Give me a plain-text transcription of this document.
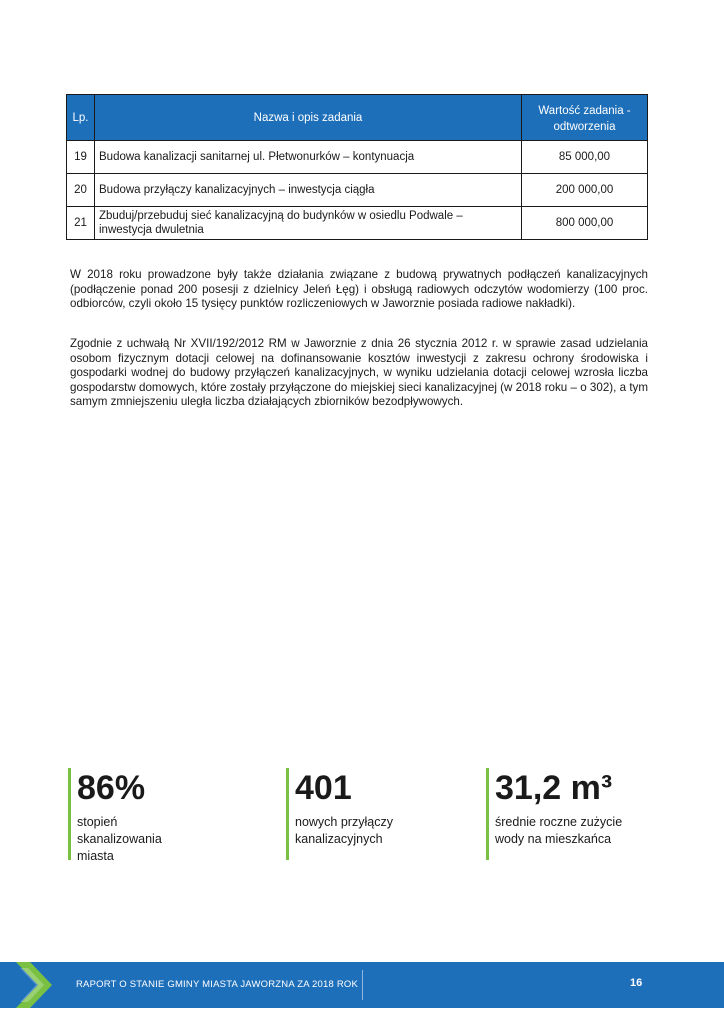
Lp.	Nazwa i opis zadania	Wartość zadania -
odtworzenia
19	Budowa kanalizacji sanitarnej ul. Płetwonurków – kontynuacja	85 000,00
20	Budowa przyłączy kanalizacyjnych – inwestycja ciągła	200 000,00
21	Zbuduj/przebuduj sieć kanalizacyjną do budynków w osiedlu Podwale – inwestycja dwuletnia	800 000,00

W 2018 roku prowadzone były także działania związane z budową prywatnych podłączeń kanalizacyjnych (podłączenie ponad 200 posesji z dzielnicy Jeleń Łęg) i obsługą radiowych odczytów wodomierzy (100 proc. odbiorców, czyli około 15 tysięcy punktów rozliczeniowych w Jaworznie posiada radiowe nakładki).

Zgodnie z uchwałą Nr XVII/192/2012 RM w Jaworznie z dnia 26 stycznia 2012 r. w sprawie zasad udzielania osobom fizycznym dotacji celowej na dofinansowanie kosztów inwestycji z zakresu ochrony środowiska i gospodarki wodnej do budowy przyłączeń kanalizacyjnych, w wyniku udzielania dotacji celowej wzrosła liczba gospodarstw domowych, które zostały przyłączone do miejskiej sieci kanalizacyjnej (w 2018 roku – o 302), a tym samym zmniejszeniu uległa liczba działających zbiorników bezodpływowych.

86%
stopień
skanalizowania
miasta
401
nowych przyłączy
kanalizacyjnych
31,2 m³
średnie roczne zużycie
wody na mieszkańca
RAPORT O STANIE GMINY MIASTA JAWORZNA ZA 2018 ROK	16
